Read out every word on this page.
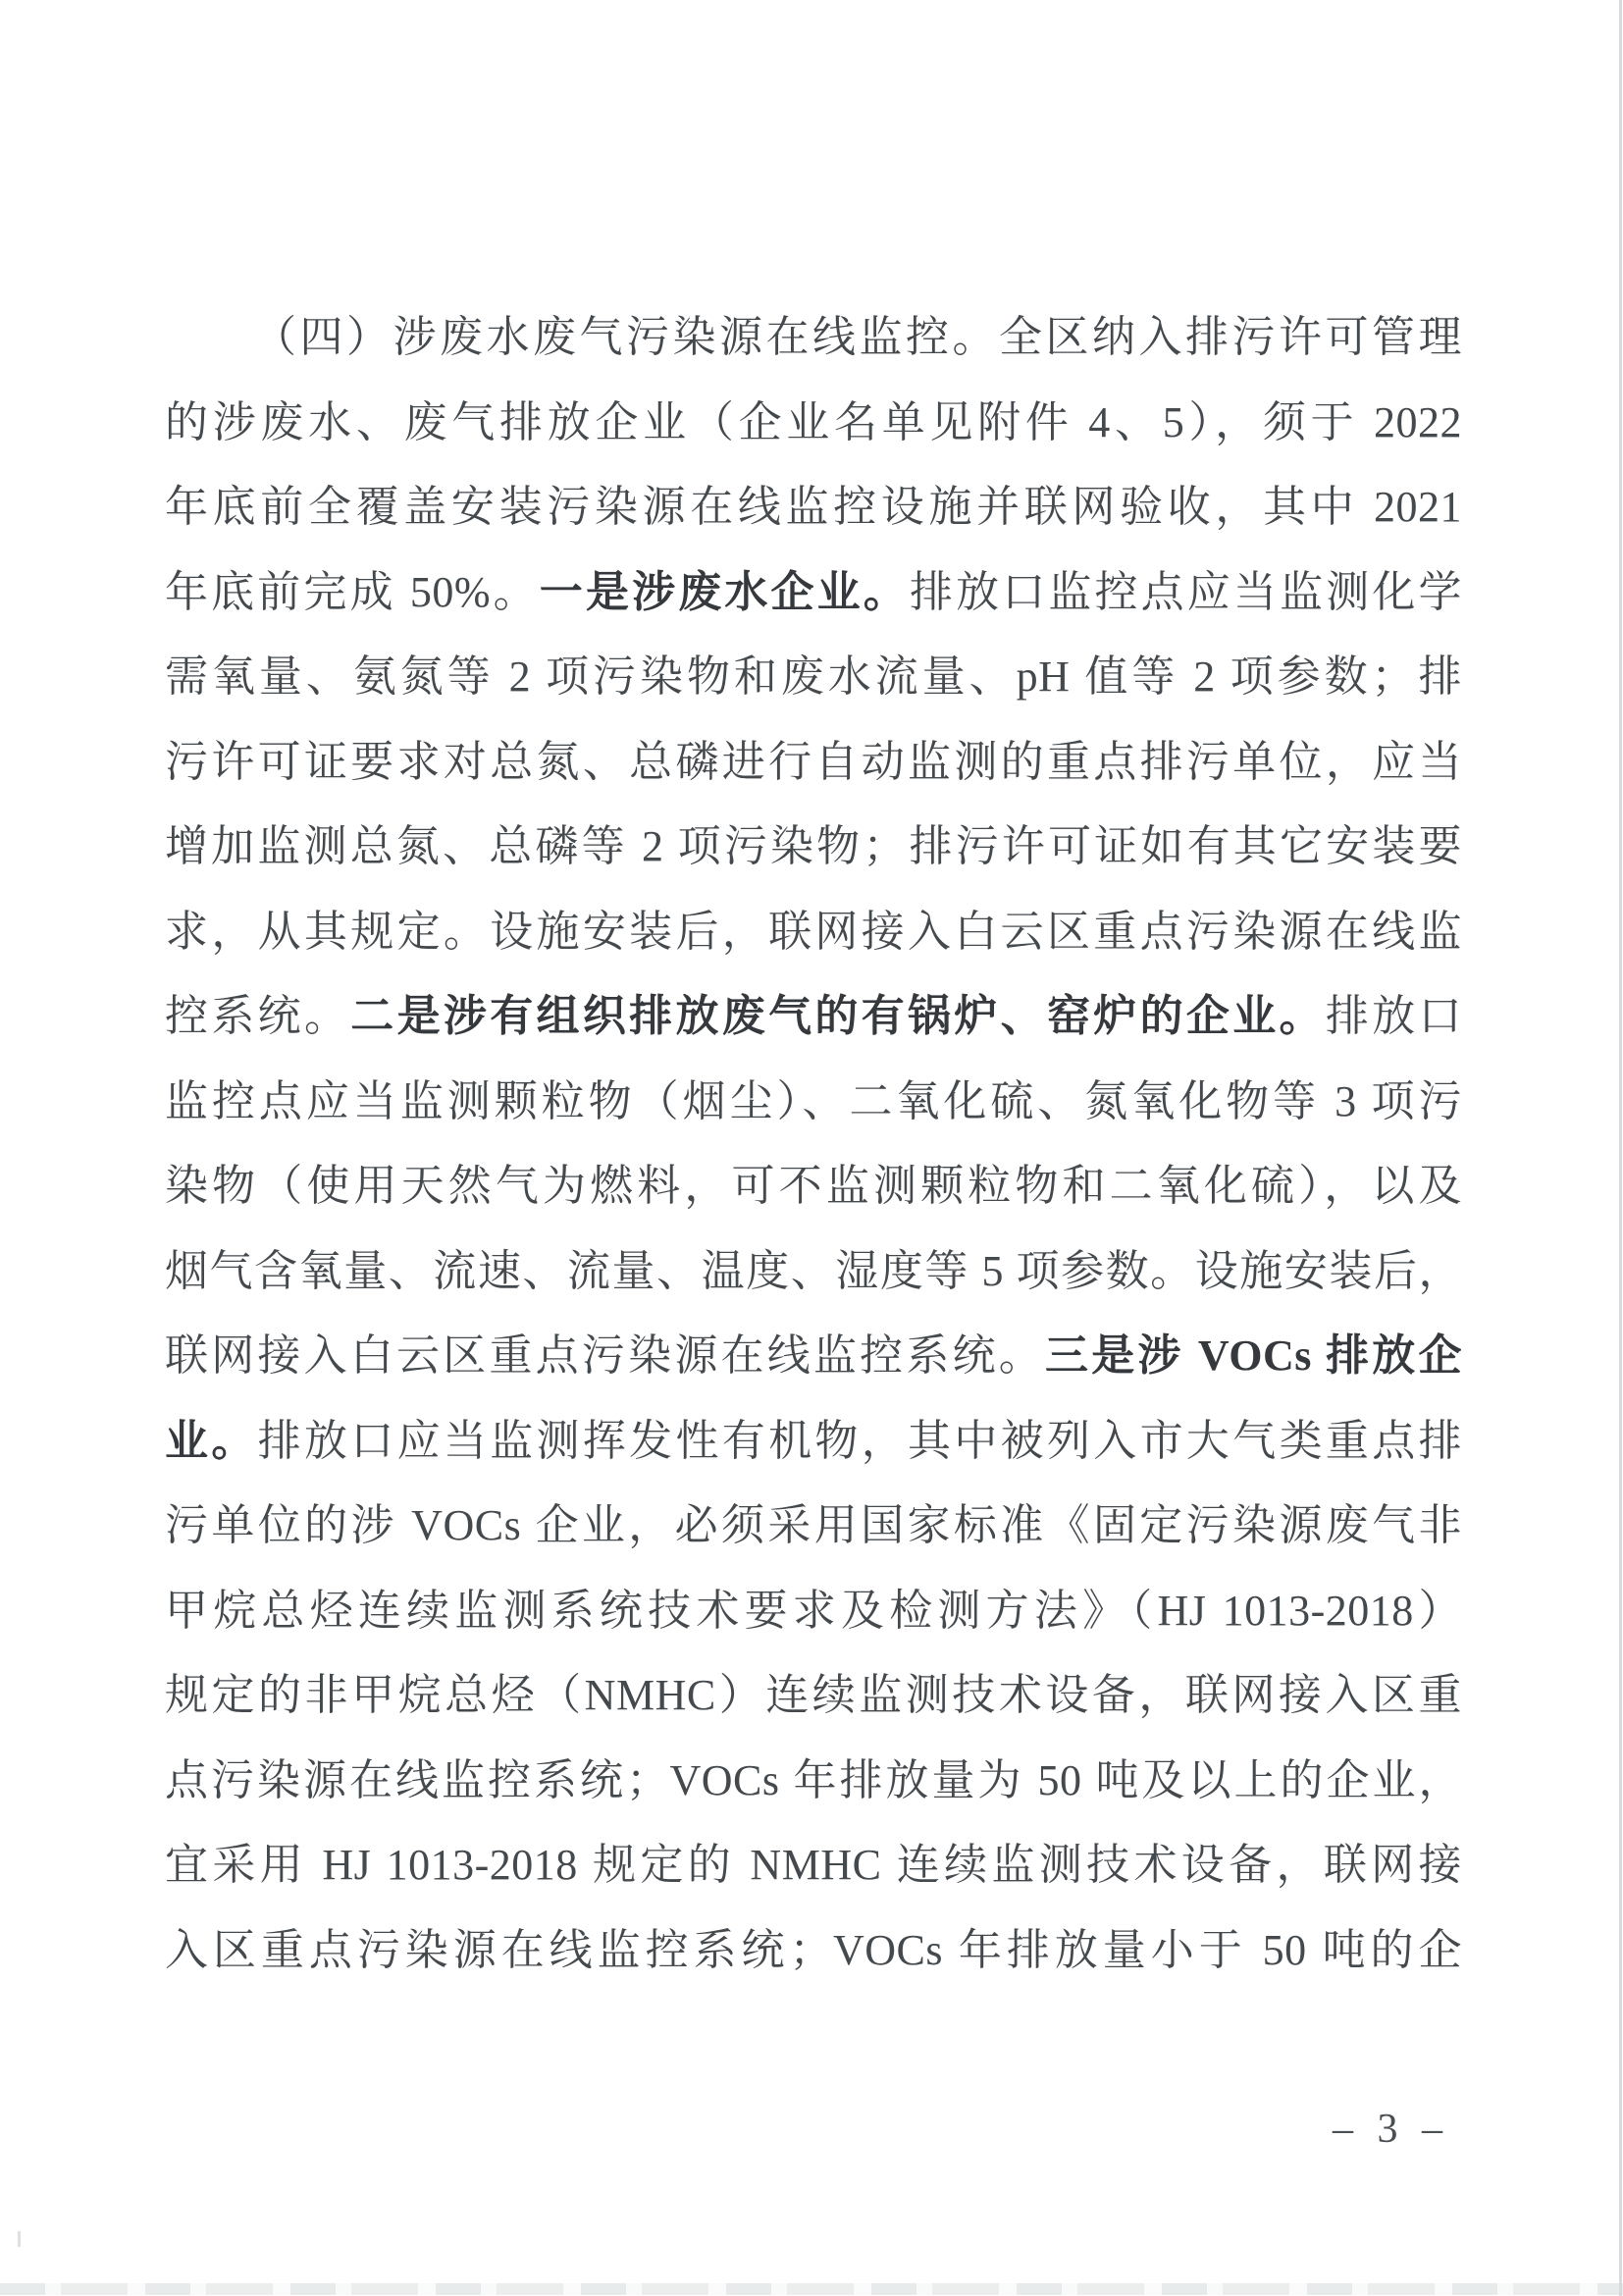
（四）涉废水废气污染源在线监控。全区纳入排污许可管理
的涉废水、废气排放企业（企业名单见附件 4、5），须于 2022
年底前全覆盖安装污染源在线监控设施并联网验收，其中 2021
年底前完成 50%。一是涉废水企业。排放口监控点应当监测化学
需氧量、氨氮等 2 项污染物和废水流量、pH 值等 2 项参数；排
污许可证要求对总氮、总磷进行自动监测的重点排污单位，应当
增加监测总氮、总磷等 2 项污染物；排污许可证如有其它安装要
求，从其规定。设施安装后，联网接入白云区重点污染源在线监
控系统。二是涉有组织排放废气的有锅炉、窑炉的企业。排放口
监控点应当监测颗粒物（烟尘）、二氧化硫、氮氧化物等 3 项污
染物（使用天然气为燃料，可不监测颗粒物和二氧化硫），以及
烟气含氧量、流速、流量、温度、湿度等 5 项参数。设施安装后，
联网接入白云区重点污染源在线监控系统。三是涉 VOCs 排放企
业。排放口应当监测挥发性有机物，其中被列入市大气类重点排
污单位的涉 VOCs 企业，必须采用国家标准《固定污染源废气非
甲烷总烃连续监测系统技术要求及检测方法》（HJ 1013-2018）
规定的非甲烷总烃（NMHC）连续监测技术设备，联网接入区重
点污染源在线监控系统；VOCs 年排放量为 50 吨及以上的企业，
宜采用 HJ 1013-2018 规定的 NMHC 连续监测技术设备，联网接
入区重点污染源在线监控系统；VOCs 年排放量小于 50 吨的企
– 3 –
